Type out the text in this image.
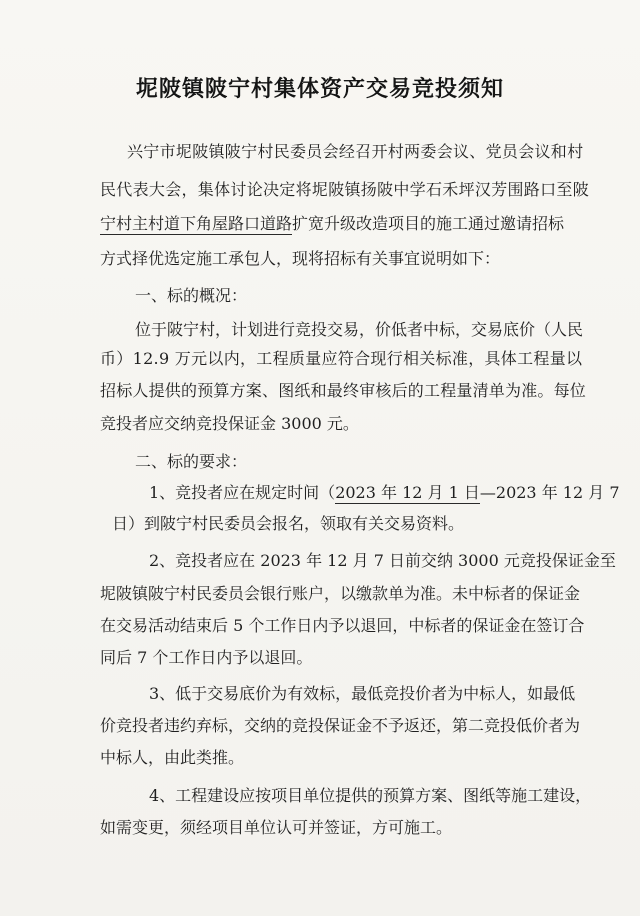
坭陂镇陂宁村集体资产交易竞投须知
兴宁市坭陂镇陂宁村民委员会经召开村两委会议、党员会议和村
民代表大会，集体讨论决定将坭陂镇扬陂中学石禾坪汉芳围路口至陂
宁村主村道下角屋路口道路扩宽升级改造项目的施工通过邀请招标
方式择优选定施工承包人，现将招标有关事宜说明如下：
一、标的概况：
位于陂宁村，计划进行竞投交易，价低者中标，交易底价（人民
币）12.9 万元以内，工程质量应符合现行相关标准，具体工程量以
招标人提供的预算方案、图纸和最终审核后的工程量清单为准。每位
竞投者应交纳竞投保证金 3000 元。
二、标的要求：
1、竞投者应在规定时间（2023 年 12 月 1 日—2023 年 12 月 7
日）到陂宁村民委员会报名，领取有关交易资料。
2、竞投者应在 2023 年 12 月 7 日前交纳 3000 元竞投保证金至
坭陂镇陂宁村民委员会银行账户，以缴款单为准。未中标者的保证金
在交易活动结束后 5 个工作日内予以退回，中标者的保证金在签订合
同后 7 个工作日内予以退回。
3、低于交易底价为有效标，最低竞投价者为中标人，如最低
价竞投者违约弃标，交纳的竞投保证金不予返还，第二竞投低价者为
中标人，由此类推。
4、工程建设应按项目单位提供的预算方案、图纸等施工建设，
如需变更，须经项目单位认可并签证，方可施工。
